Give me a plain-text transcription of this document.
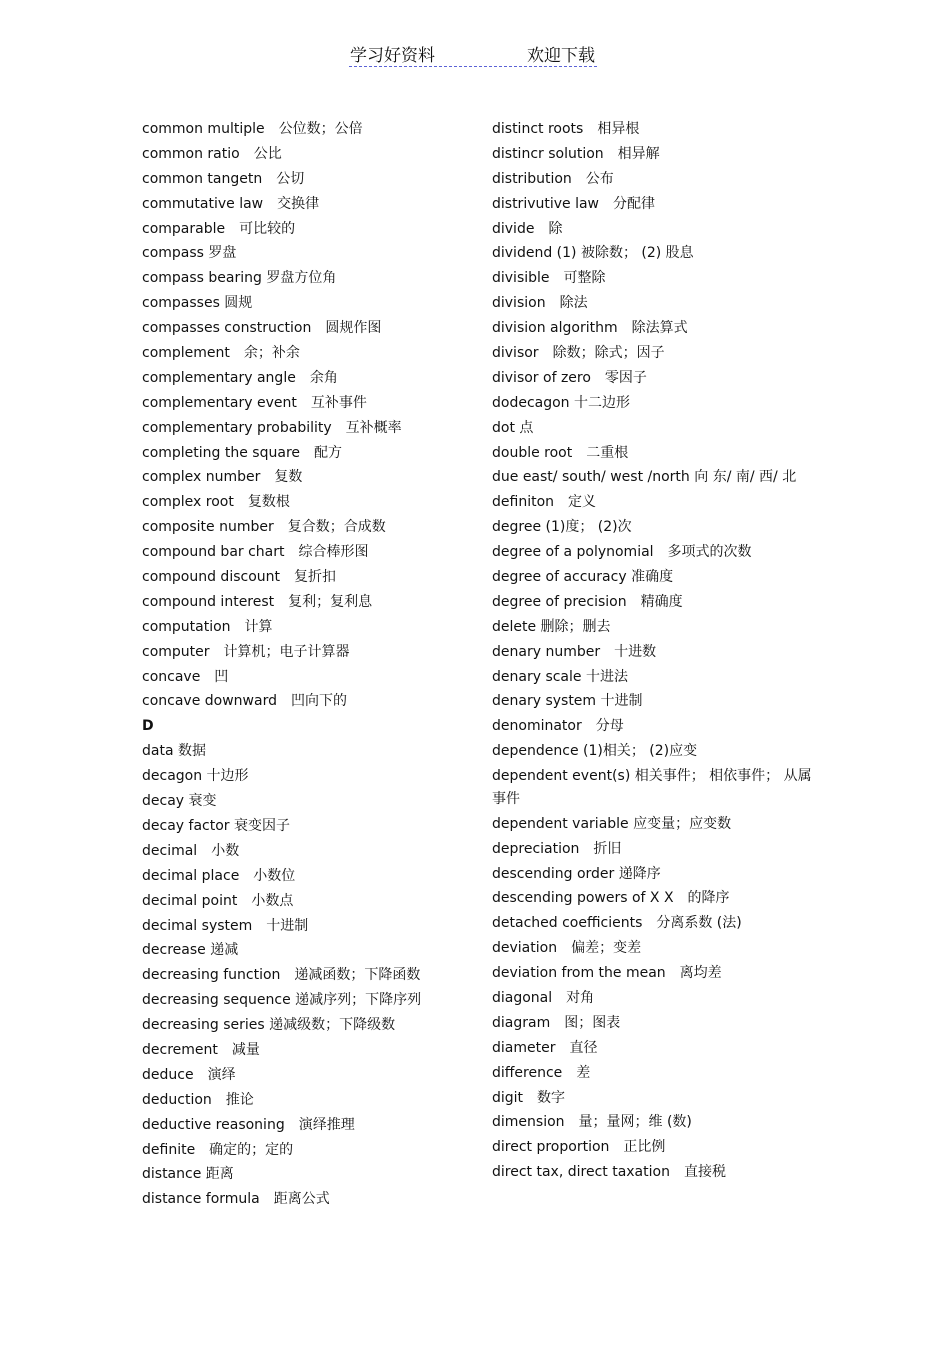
学习好资料	欢迎下载
common multiple　公位数；公倍
common ratio　公比
common tangetn　公切
commutative law　交换律
comparable　可比较的
compass 罗盘
compass bearing 罗盘方位角
compasses 圆规
compasses construction　圆规作图
complement　余；补余
complementary angle　余角
complementary event　互补事件
complementary probability　互补概率
completing the square　配方
complex number　复数
complex root　复数根
composite number　复合数；合成数
compound bar chart　综合棒形图
compound discount　复折扣
compound interest　复利；复利息
computation　计算
computer　计算机；电子计算器
concave　凹
concave downward　凹向下的
D
data 数据
decagon 十边形
decay 衰变
decay factor 衰变因子
decimal　小数
decimal place　小数位
decimal point　小数点
decimal system　十进制
decrease 递减
decreasing function　递减函数；下降函数
decreasing sequence 递减序列；下降序列
decreasing series 递减级数；下降级数
decrement　减量
deduce　演绎
deduction　推论
deductive reasoning　演绎推理
definite　确定的；定的
distance 距离
distance formula　距离公式
distinct roots　相异根
distincr solution　相异解
distribution　公布
distrivutive law　分配律
divide　除
dividend (1) 被除数； (2) 股息
divisible　可整除
division　除法
division algorithm　除法算式
divisor　除数；除式；因子
divisor of zero　零因子
dodecagon 十二边形
dot 点
double root　二重根
due east/ south/ west /north 向 东/ 南/ 西/ 北
definiton　定义
degree (1)度； (2)次
degree of a polynomial　多项式的次数
degree of accuracy 准确度
degree of precision　精确度
delete 删除；删去
denary number　十进数
denary scale 十进法
denary system 十进制
denominator　分母
dependence (1)相关； (2)应变
dependent event(s) 相关事件； 相依事件； 从属事件
dependent variable 应变量；应变数
depreciation　折旧
descending order 递降序
descending powers of X X　的降序
detached coefficients　分离系数 (法)
deviation　偏差；变差
deviation from the mean　离均差
diagonal　对角
diagram　图；图表
diameter　直径
difference　差
digit　数字
dimension　量；量网；维 (数)
direct proportion　正比例
direct tax, direct taxation　直接税
